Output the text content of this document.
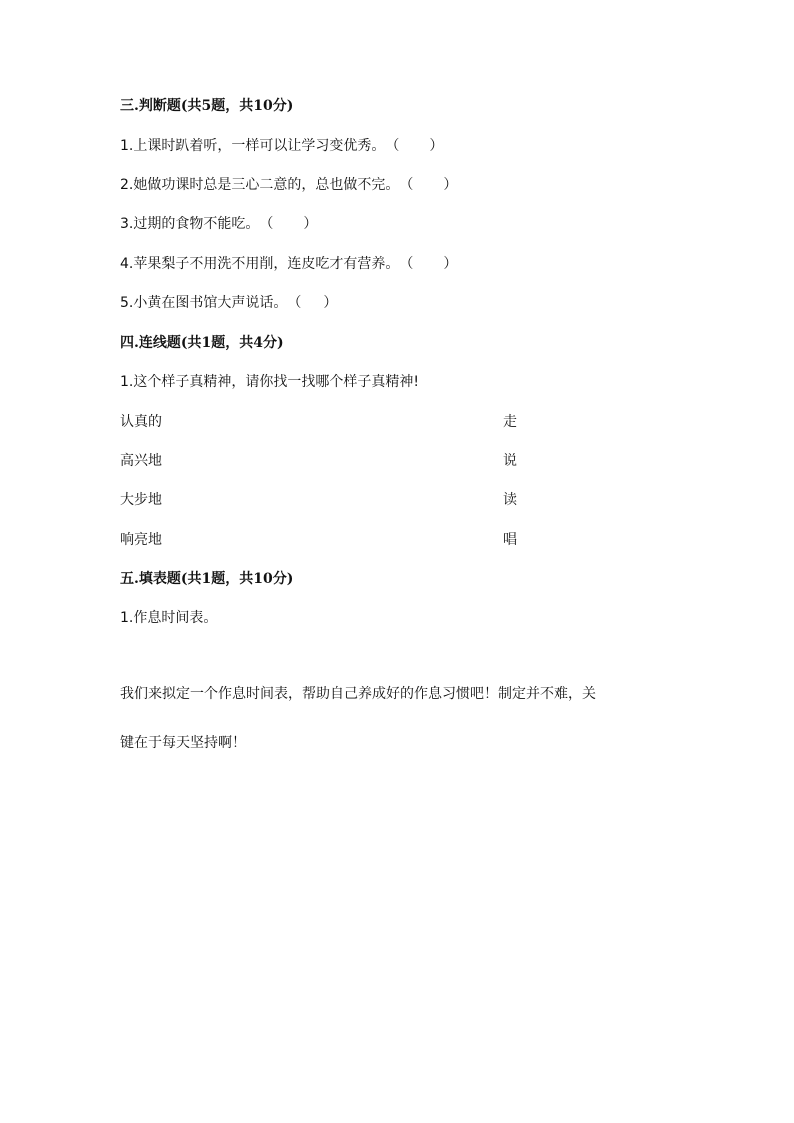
三.判断题(共5题，共10分)
1.上课时趴着听，一样可以让学习变优秀。（ ）
2.她做功课时总是三心二意的，总也做不完。（ ）
3.过期的食物不能吃。（ ）
4.苹果梨子不用洗不用削，连皮吃才有营养。（ ）
5.小黄在图书馆大声说话。（ ）
四.连线题(共1题，共4分)
1.这个样子真精神，请你找一找哪个样子真精神!
认真的	走
高兴地	说
大步地	读
响亮地	唱
五.填表题(共1题，共10分)
1.作息时间表。
我们来拟定一个作息时间表，帮助自己养成好的作息习惯吧！制定并不难，关
键在于每天坚持啊！
